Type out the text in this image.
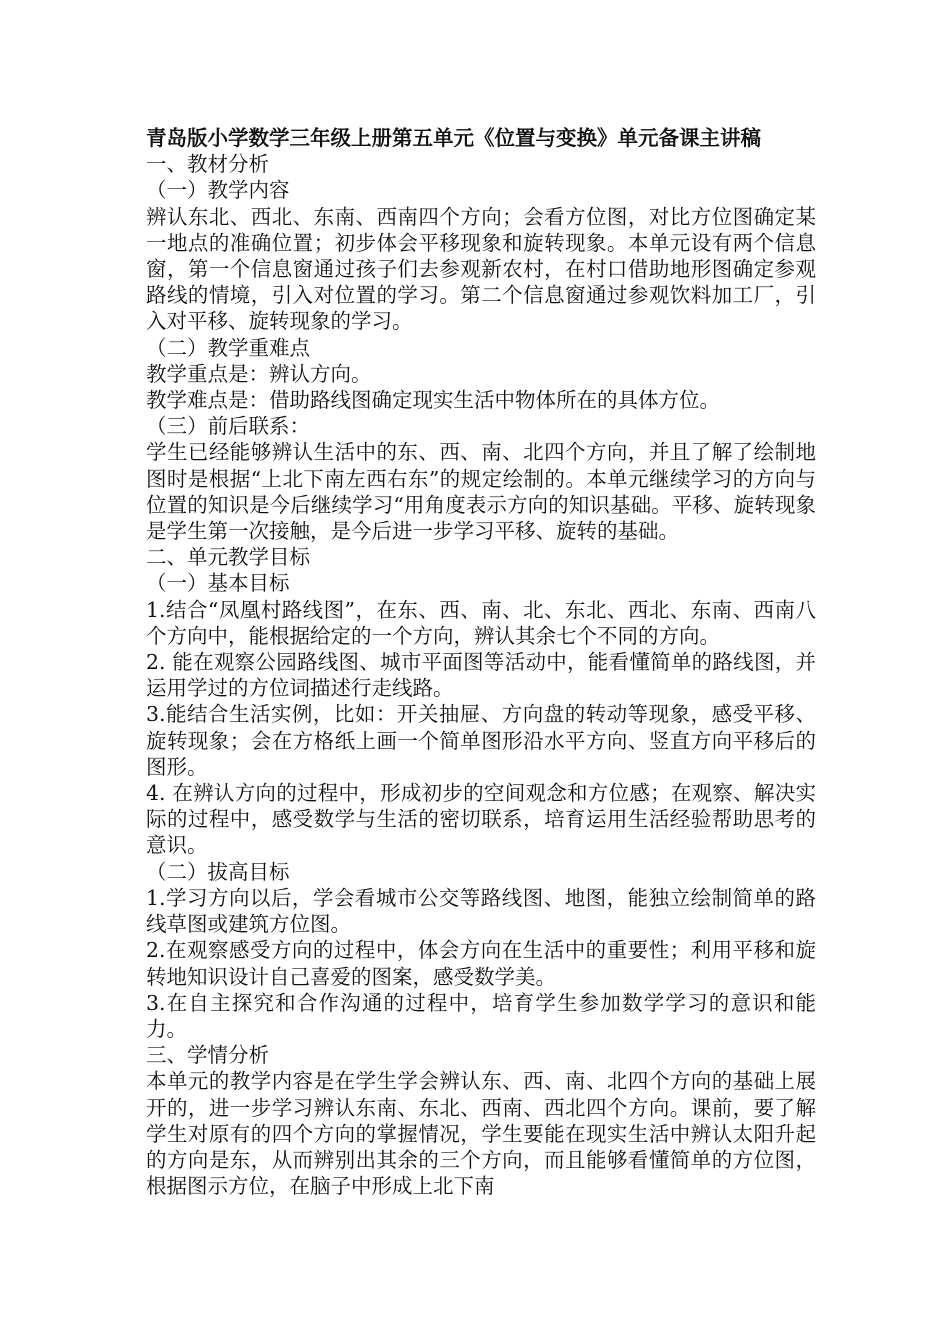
青岛版小学数学三年级上册第五单元《位置与变换》单元备课主讲稿

一、教材分析

（一）教学内容

辨认东北、西北、东南、西南四个方向；会看方位图，对比方位图确定某一地点的准确位置；初步体会平移现象和旋转现象。本单元设有两个信息窗，第一个信息窗通过孩子们去参观新农村，在村口借助地形图确定参观路线的情境，引入对位置的学习。第二个信息窗通过参观饮料加工厂，引入对平移、旋转现象的学习。

（二）教学重难点

教学重点是：辨认方向。

教学难点是：借助路线图确定现实生活中物体所在的具体方位。

（三）前后联系：

学生已经能够辨认生活中的东、西、南、北四个方向，并且了解了绘制地图时是根据“上北下南左西右东”的规定绘制的。本单元继续学习的方向与位置的知识是今后继续学习“用角度表示方向的知识基础。平移、旋转现象是学生第一次接触，是今后进一步学习平移、旋转的基础。

二、单元教学目标

（一）基本目标

1.结合“凤凰村路线图”，在东、西、南、北、东北、西北、东南、西南八个方向中，能根据给定的一个方向，辨认其余七个不同的方向。

2. 能在观察公园路线图、城市平面图等活动中，能看懂简单的路线图，并运用学过的方位词描述行走线路。

3.能结合生活实例，比如：开关抽屉、方向盘的转动等现象，感受平移、旋转现象；会在方格纸上画一个简单图形沿水平方向、竖直方向平移后的图形。

4. 在辨认方向的过程中，形成初步的空间观念和方位感；在观察、解决实际的过程中，感受数学与生活的密切联系，培育运用生活经验帮助思考的意识。

（二）拔高目标

1.学习方向以后，学会看城市公交等路线图、地图，能独立绘制简单的路线草图或建筑方位图。

2.在观察感受方向的过程中，体会方向在生活中的重要性；利用平移和旋转地知识设计自己喜爱的图案，感受数学美。

3.在自主探究和合作沟通的过程中，培育学生参加数学学习的意识和能力。

三、学情分析

本单元的教学内容是在学生学会辨认东、西、南、北四个方向的基础上展开的，进一步学习辨认东南、东北、西南、西北四个方向。课前，要了解学生对原有的四个方向的掌握情况，学生要能在现实生活中辨认太阳升起的方向是东，从而辨别出其余的三个方向，而且能够看懂简单的方位图，根据图示方位，在脑子中形成上北下南
